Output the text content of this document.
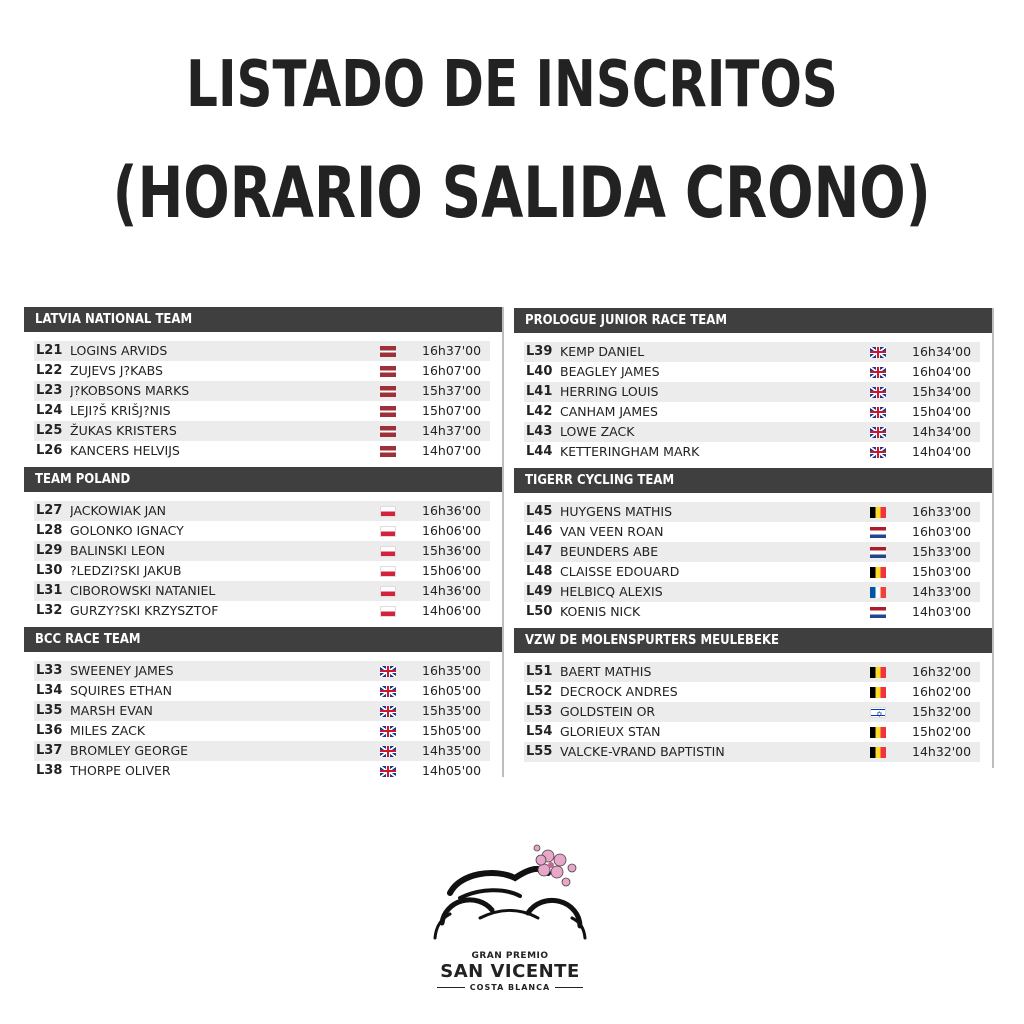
LISTADO DE INSCRITOS
(HORARIO SALIDA CRONO)
LATVIA NATIONAL TEAM
L21 LOGINS ARVIDS	16h37'00
L22 ZUJEVS J?KABS	16h07'00
L23 J?KOBSONS MARKS	15h37'00
L24 LEJI?Š KRIŠJ?NIS	15h07'00
L25 ŽUKAS KRISTERS	14h37'00
L26 KANCERS HELVIJS	14h07'00
TEAM POLAND
L27 JACKOWIAK JAN	16h36'00
L28 GOLONKO IGNACY	16h06'00
L29 BALINSKI LEON	15h36'00
L30 ?LEDZI?SKI JAKUB	15h06'00
L31 CIBOROWSKI NATANIEL	14h36'00
L32 GURZY?SKI KRZYSZTOF	14h06'00
BCC RACE TEAM
L33 SWEENEY JAMES	16h35'00
L34 SQUIRES ETHAN	16h05'00
L35 MARSH EVAN	15h35'00
L36 MILES ZACK	15h05'00
L37 BROMLEY GEORGE	14h35'00
L38 THORPE OLIVER	14h05'00
PROLOGUE JUNIOR RACE TEAM
L39 KEMP DANIEL	16h34'00
L40 BEAGLEY JAMES	16h04'00
L41 HERRING LOUIS	15h34'00
L42 CANHAM JAMES	15h04'00
L43 LOWE ZACK	14h34'00
L44 KETTERINGHAM MARK	14h04'00
TIGERR CYCLING TEAM
L45 HUYGENS MATHIS	16h33'00
L46 VAN VEEN ROAN	16h03'00
L47 BEUNDERS ABE	15h33'00
L48 CLAISSE EDOUARD	15h03'00
L49 HELBICQ ALEXIS	14h33'00
L50 KOENIS NICK	14h03'00
VZW DE MOLENSPURTERS MEULEBEKE
L51 BAERT MATHIS	16h32'00
L52 DECROCK ANDRES	16h02'00
L53 GOLDSTEIN OR
✡	15h32'00
L54 GLORIEUX STAN	15h02'00
L55 VALCKE-VRAND BAPTISTIN	14h32'00
GRAN PREMIO
SAN VICENTE
COSTA BLANCA
